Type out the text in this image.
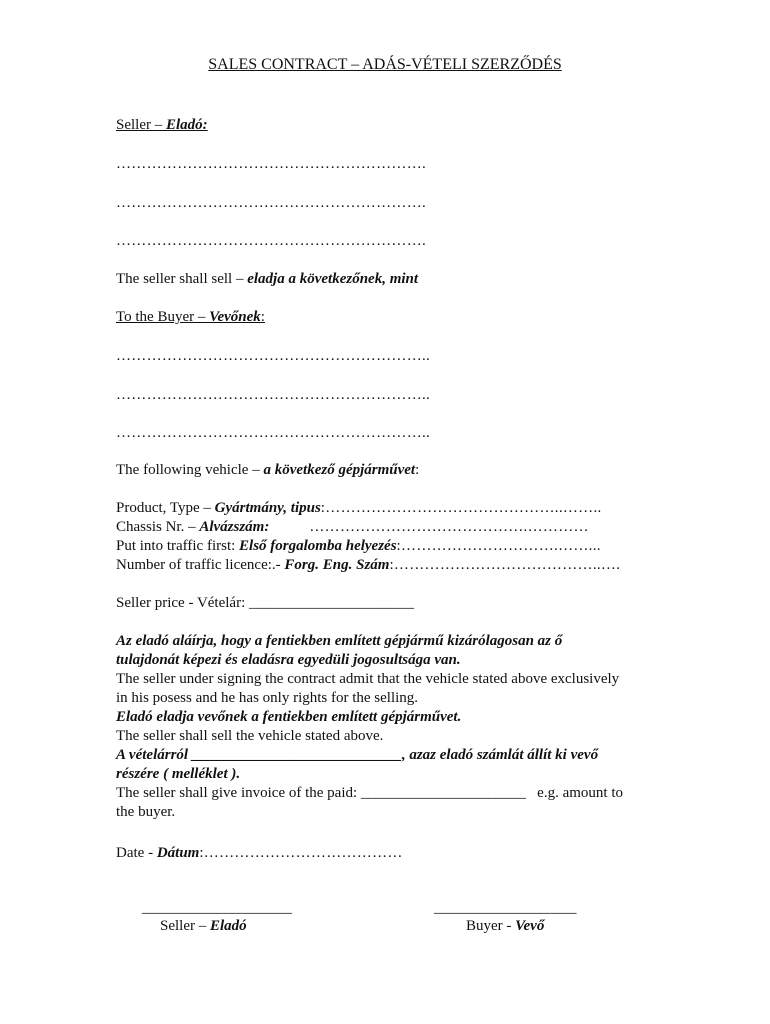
SALES CONTRACT – ADÁS-VÉTELI SZERZŐDÉS
Seller – Eladó:
…………………………………………………….
…………………………………………………….
…………………………………………………….
The seller shall sell – eladja a következőnek, mint
To the Buyer – Vevőnek:
……………………………………………………..
……………………………………………………..
……………………………………………………..
The following vehicle – a következő gépjárművet:
Product, Type – Gyártmány, tipus:………………………………………..……..
Chassis Nr. – Alvázszám:	…………………………………….…………
Put into traffic first: Első forgalomba helyezés:………………………….……...
Number of traffic licence:.- Forg. Eng. Szám:…………………………………..….
Seller price - Vételár: ______________________
Az eladó aláírja, hogy a fentiekben említett gépjármű kizárólagosan az ő
tulajdonát képezi és eladásra egyedüli jogosultsága van.
The seller under signing the contract admit that the vehicle stated above exclusively
in his posess and he has only rights for the selling.
Eladó eladja vevőnek a fentiekben említett gépjárművet.
The seller shall sell the vehicle stated above.
A vételárról ____________________________, azaz eladó számlát állít ki vevő
részére ( melléklet ).
The seller shall give invoice of the paid: ______________________   e.g. amount to
the buyer.
Date - Dátum:…………………………………
____________________
Seller – Eladó
___________________
Buyer - Vevő
